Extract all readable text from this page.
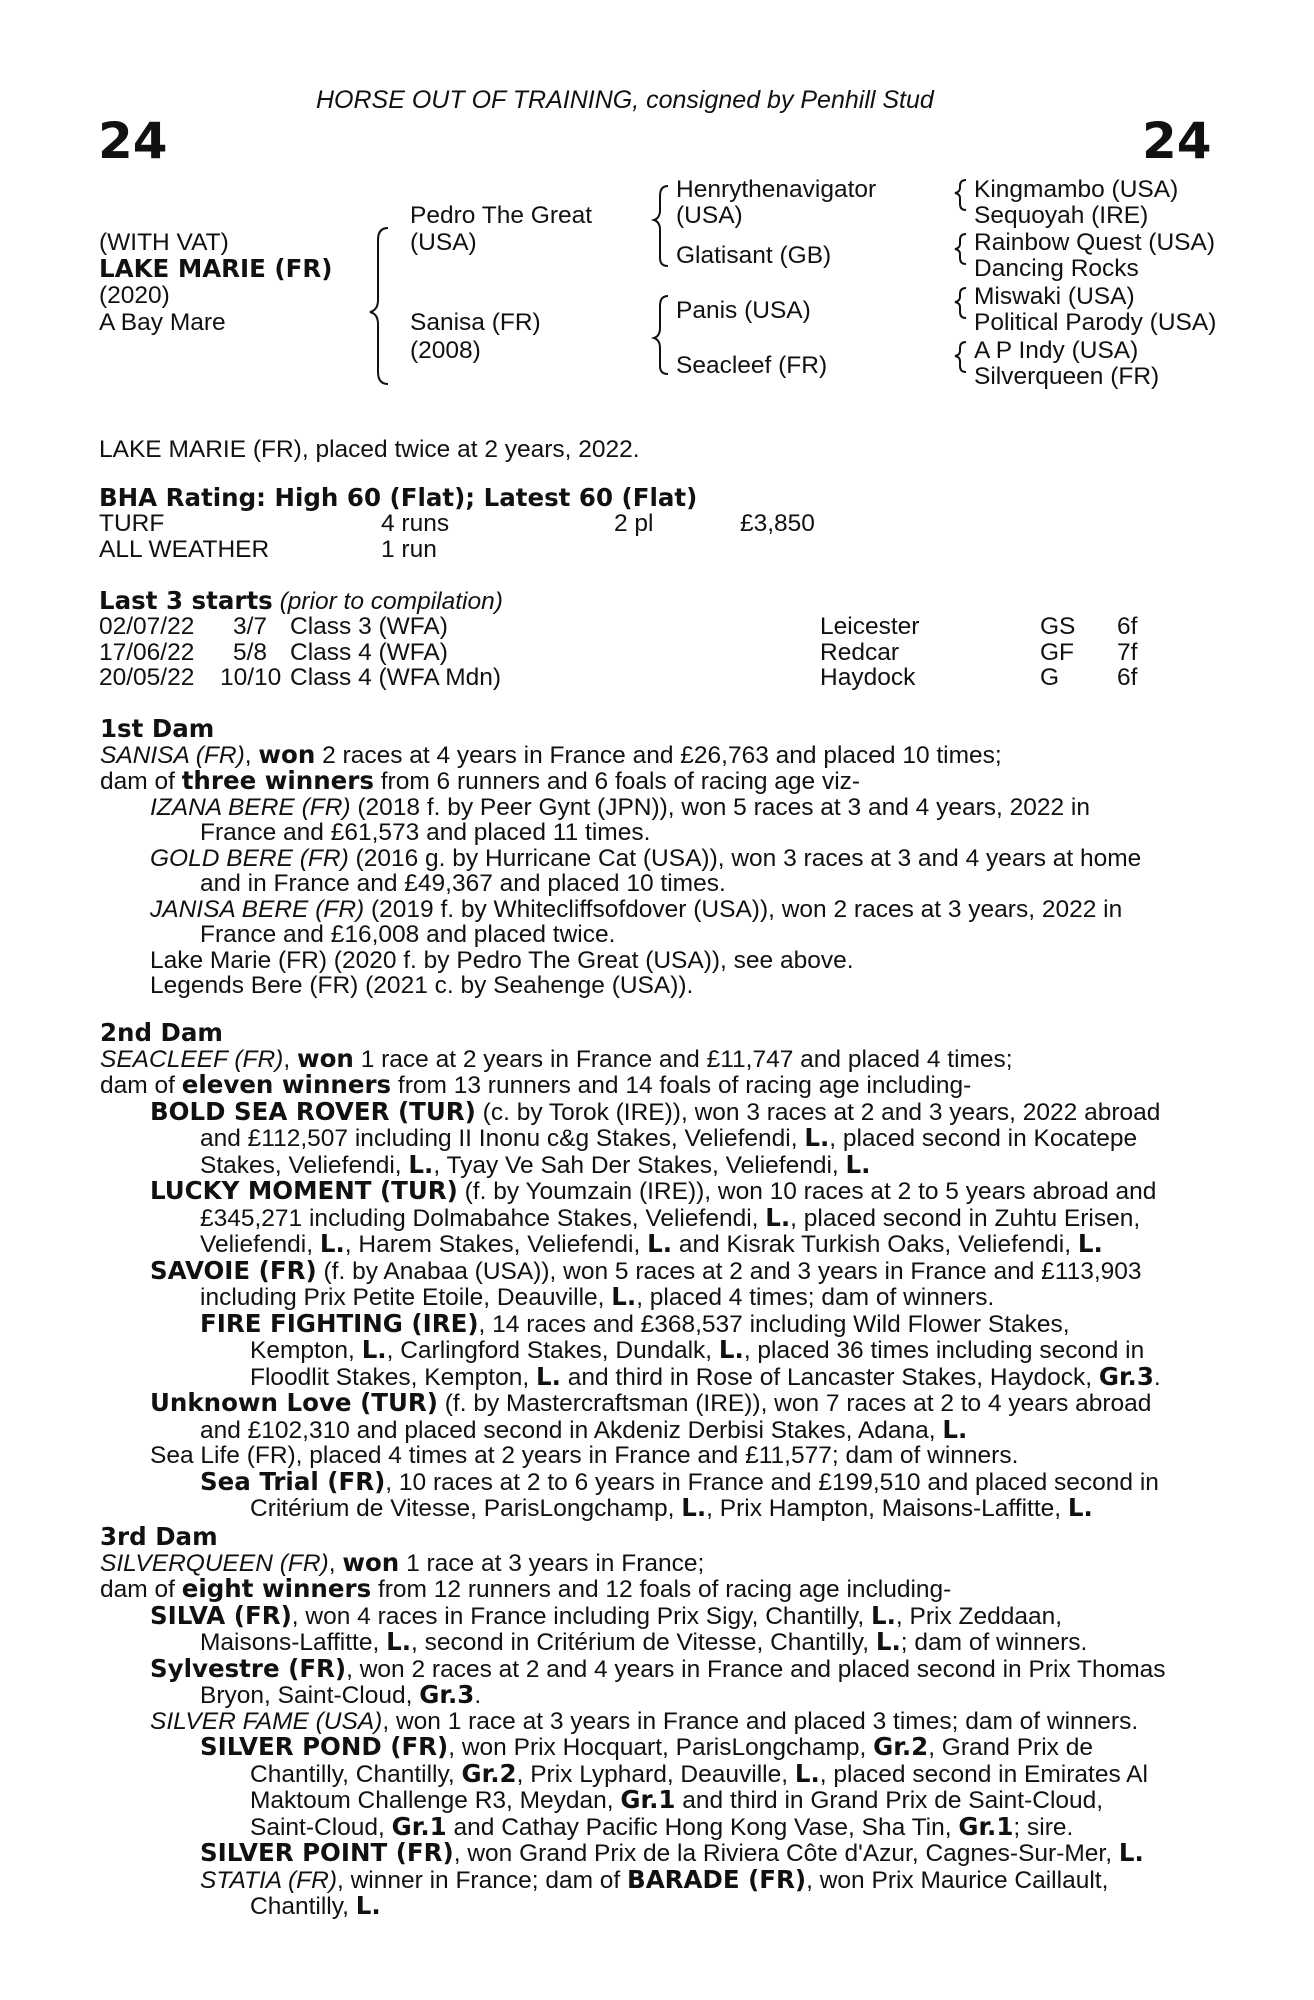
HORSE OUT OF TRAINING, consigned by Penhill Stud
24	24
(WITH VAT)
LAKE MARIE (FR)
(2020)
A Bay Mare
Pedro The Great
(USA)
Sanisa (FR)
(2008)
Henrythenavigator
(USA)
Glatisant (GB)
Panis (USA)
Seacleef (FR)
Kingmambo (USA)
Sequoyah (IRE)
Rainbow Quest (USA)
Dancing Rocks
Miswaki (USA)
Political Parody (USA)
A P Indy (USA)
Silverqueen (FR)
LAKE MARIE (FR), placed twice at 2 years, 2022.
BHA Rating: High 60 (Flat); Latest 60 (Flat)
TURF	4 runs	2 pl	£3,850
ALL WEATHER	1 run
Last 3 starts (prior to compilation)
02/07/22 3/7 Class 3 (WFA)	Leicester	GS 6f
17/06/22 5/8 Class 4 (WFA)	Redcar	GF 7f
20/05/22 10/10 Class 4 (WFA Mdn)	Haydock	G 6f
1st Dam
SANISA (FR), won 2 races at 4 years in France and £26,763 and placed 10 times;
dam of three winners from 6 runners and 6 foals of racing age viz-
IZANA BERE (FR) (2018 f. by Peer Gynt (JPN)), won 5 races at 3 and 4 years, 2022 in
France and £61,573 and placed 11 times.
GOLD BERE (FR) (2016 g. by Hurricane Cat (USA)), won 3 races at 3 and 4 years at home
and in France and £49,367 and placed 10 times.
JANISA BERE (FR) (2019 f. by Whitecliffsofdover (USA)), won 2 races at 3 years, 2022 in
France and £16,008 and placed twice.
Lake Marie (FR) (2020 f. by Pedro The Great (USA)), see above.
Legends Bere (FR) (2021 c. by Seahenge (USA)).
2nd Dam
SEACLEEF (FR), won 1 race at 2 years in France and £11,747 and placed 4 times;
dam of eleven winners from 13 runners and 14 foals of racing age including-
BOLD SEA ROVER (TUR) (c. by Torok (IRE)), won 3 races at 2 and 3 years, 2022 abroad
and £112,507 including II Inonu c&g Stakes, Veliefendi, L., placed second in Kocatepe
Stakes, Veliefendi, L., Tyay Ve Sah Der Stakes, Veliefendi, L.
LUCKY MOMENT (TUR) (f. by Youmzain (IRE)), won 10 races at 2 to 5 years abroad and
£345,271 including Dolmabahce Stakes, Veliefendi, L., placed second in Zuhtu Erisen,
Veliefendi, L., Harem Stakes, Veliefendi, L. and Kisrak Turkish Oaks, Veliefendi, L.
SAVOIE (FR) (f. by Anabaa (USA)), won 5 races at 2 and 3 years in France and £113,903
including Prix Petite Etoile, Deauville, L., placed 4 times; dam of winners.
FIRE FIGHTING (IRE), 14 races and £368,537 including Wild Flower Stakes,
Kempton, L., Carlingford Stakes, Dundalk, L., placed 36 times including second in
Floodlit Stakes, Kempton, L. and third in Rose of Lancaster Stakes, Haydock, Gr.3.
Unknown Love (TUR) (f. by Mastercraftsman (IRE)), won 7 races at 2 to 4 years abroad
and £102,310 and placed second in Akdeniz Derbisi Stakes, Adana, L.
Sea Life (FR), placed 4 times at 2 years in France and £11,577; dam of winners.
Sea Trial (FR), 10 races at 2 to 6 years in France and £199,510 and placed second in
Critérium de Vitesse, ParisLongchamp, L., Prix Hampton, Maisons-Laffitte, L.
3rd Dam
SILVERQUEEN (FR), won 1 race at 3 years in France;
dam of eight winners from 12 runners and 12 foals of racing age including-
SILVA (FR), won 4 races in France including Prix Sigy, Chantilly, L., Prix Zeddaan,
Maisons-Laffitte, L., second in Critérium de Vitesse, Chantilly, L.; dam of winners.
Sylvestre (FR), won 2 races at 2 and 4 years in France and placed second in Prix Thomas
Bryon, Saint-Cloud, Gr.3.
SILVER FAME (USA), won 1 race at 3 years in France and placed 3 times; dam of winners.
SILVER POND (FR), won Prix Hocquart, ParisLongchamp, Gr.2, Grand Prix de
Chantilly, Chantilly, Gr.2, Prix Lyphard, Deauville, L., placed second in Emirates Al
Maktoum Challenge R3, Meydan, Gr.1 and third in Grand Prix de Saint-Cloud,
Saint-Cloud, Gr.1 and Cathay Pacific Hong Kong Vase, Sha Tin, Gr.1; sire.
SILVER POINT (FR), won Grand Prix de la Riviera Côte d'Azur, Cagnes-Sur-Mer, L.
STATIA (FR), winner in France; dam of BARADE (FR), won Prix Maurice Caillault,
Chantilly, L.
